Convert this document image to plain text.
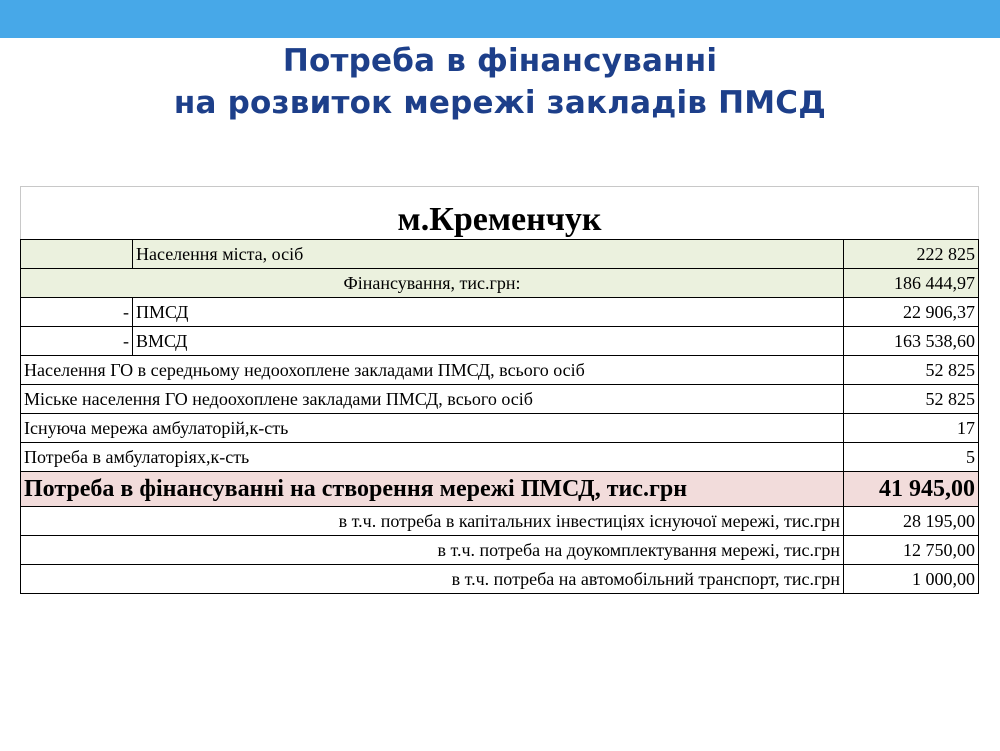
Потреба в фінансуванні
на розвиток мережі закладів ПМСД
м.Кременчук		
	Населення міста, осіб	222 825
Фінансування, тис.грн:		186 444,97
-	ПМСД	22 906,37
-	ВМСД	163 538,60
Населення ГО в середньому недоохоплене закладами ПМСД, всього осіб		52 825
Міське населення ГО недоохоплене закладами ПМСД, всього осіб		52 825
Існуюча мережа амбулаторій,к-сть		17
Потреба в амбулаторіях,к-сть		5
Потреба в фінансуванні на створення мережі ПМСД, тис.грн		41 945,00
в т.ч. потреба в капітальних інвестиціях існуючої мережі, тис.грн		28 195,00
в т.ч. потреба на доукомплектування мережі, тис.грн		12 750,00
в т.ч. потреба на автомобільний транспорт, тис.грн		1 000,00
